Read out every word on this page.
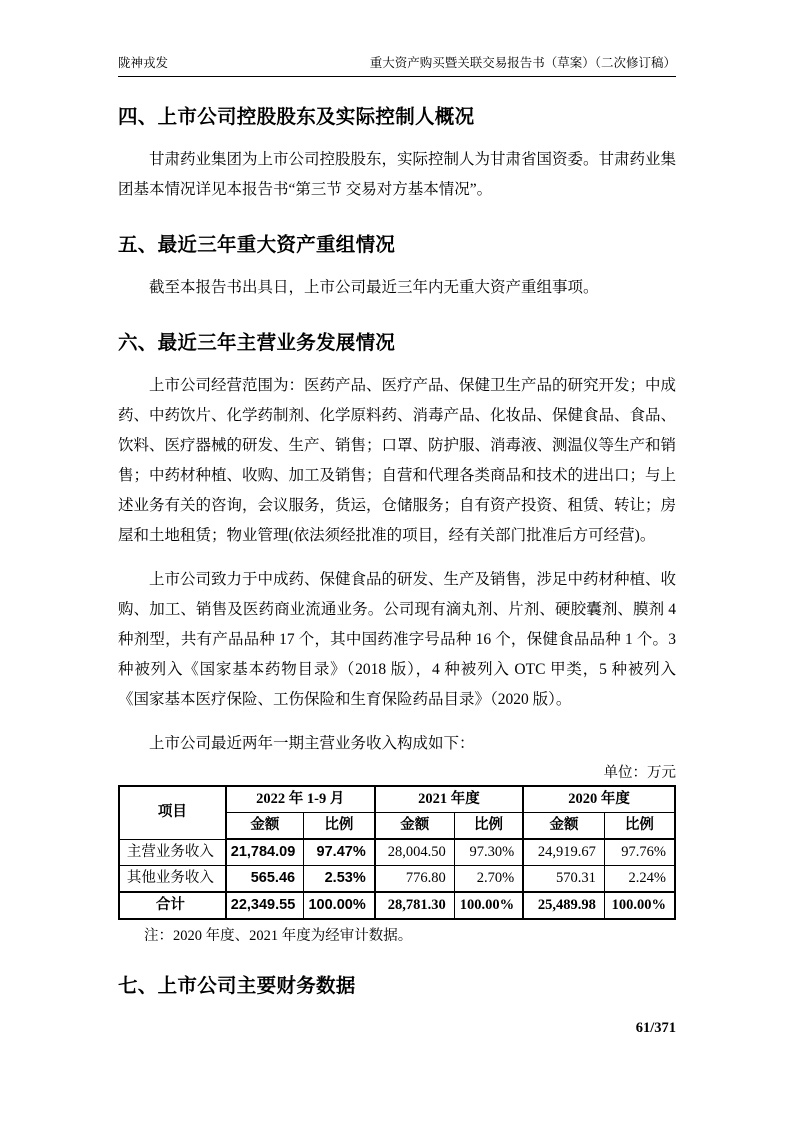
陇神戎发	重大资产购买暨关联交易报告书（草案）（二次修订稿）
四、上市公司控股股东及实际控制人概况

甘肃药业集团为上市公司控股股东，实际控制人为甘肃省国资委。甘肃药业集团基本情况详见本报告书“第三节 交易对方基本情况”。

五、最近三年重大资产重组情况

截至本报告书出具日，上市公司最近三年内无重大资产重组事项。

六、最近三年主营业务发展情况

上市公司经营范围为：医药产品、医疗产品、保健卫生产品的研究开发；中成药、中药饮片、化学药制剂、化学原料药、消毒产品、化妆品、保健食品、食品、饮料、医疗器械的研发、生产、销售；口罩、防护服、消毒液、测温仪等生产和销售；中药材种植、收购、加工及销售；自营和代理各类商品和技术的进出口；与上述业务有关的咨询，会议服务，货运，仓储服务；自有资产投资、租赁、转让；房屋和土地租赁；物业管理(依法须经批准的项目，经有关部门批准后方可经营)。

上市公司致力于中成药、保健食品的研发、生产及销售，涉足中药材种植、收购、加工、销售及医药商业流通业务。公司现有滴丸剂、片剂、硬胶囊剂、膜剂 4 种剂型，共有产品品种 17 个，其中国药准字号品种 16 个，保健食品品种 1 个。3 种被列入《国家基本药物目录》（2018 版），4 种被列入 OTC 甲类，5 种被列入《国家基本医疗保险、工伤保险和生育保险药品目录》（2020 版）。

上市公司最近两年一期主营业务收入构成如下：

单位：万元
项目	2022 年 1-9 月		2021 年度		2020 年度	
	金额	比例	金额	比例	金额	比例
主营业务收入	21,784.09	97.47%	28,004.50	97.30%	24,919.67	97.76%
其他业务收入	565.46	2.53%	776.80	2.70%	570.31	2.24%
合计	22,349.55	100.00%	28,781.30	100.00%	25,489.98	100.00%
注：2020 年度、2021 年度为经审计数据。
七、上市公司主要财务数据
61/371
